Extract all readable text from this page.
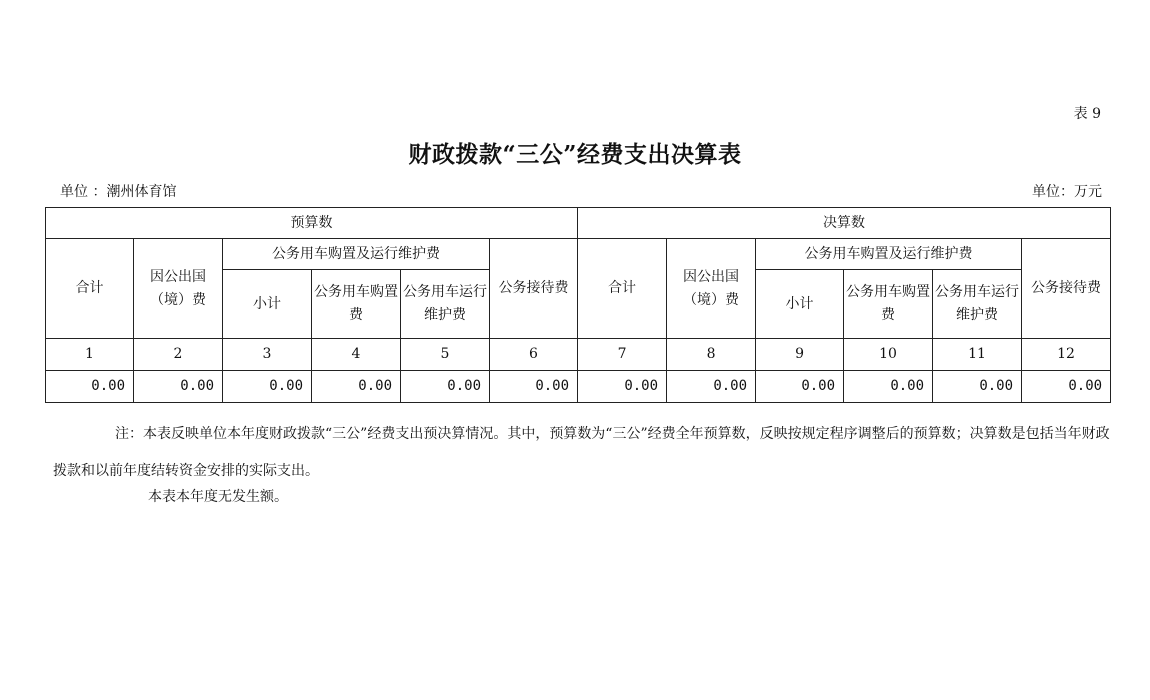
表 9
财政拨款“三公”经费支出决算表
单位 ：潮州体育馆	单位：万元
预算数						决算数					
合计	因公出国（境）费	公务用车购置及运行维护费			公务接待费	合计	因公出国（境）费	公务用车购置及运行维护费			公务接待费
		小计	公务用车购置费	公务用车运行维护费				小计	公务用车购置费	公务用车运行维护费	
1	2	3	4	5	6	7	8	9	10	11	12
0.00	0.00	0.00	0.00	0.00	0.00	0.00	0.00	0.00	0.00	0.00	0.00
注：本表反映单位本年度财政拨款“三公”经费支出预决算情况。其中，预算数为“三公”经费全年预算数，反映按规定程序调整后的预算数；决算数是包括当年财政拨款和以前年度结转资金安排的实际支出。
本表本年度无发生额。
